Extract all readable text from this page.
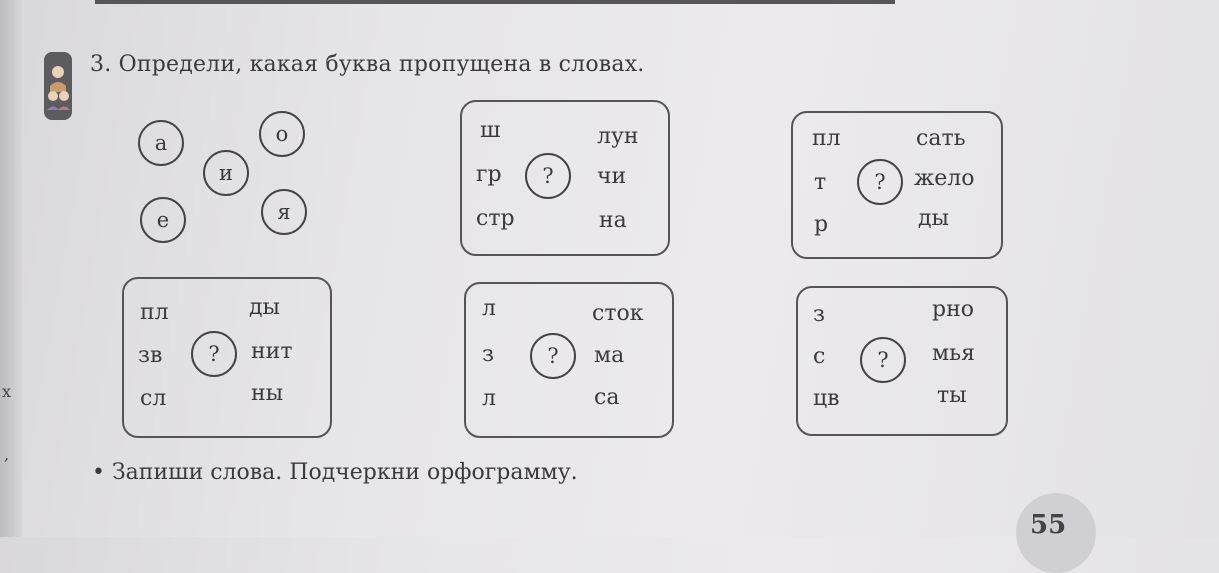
х
,
3. Определи, какая буква пропущена в словах.
а	о
и
е	я
ш
гр
стр
?
лун
чи
на
пл
т
р
?
сать
жело
ды
пл
зв
сл
?
ды
нит
ны
л
з
л
?
сток
ма
са
з
с
цв
?
рно
мья
ты
• Запиши слова. Подчеркни орфограмму.
55
